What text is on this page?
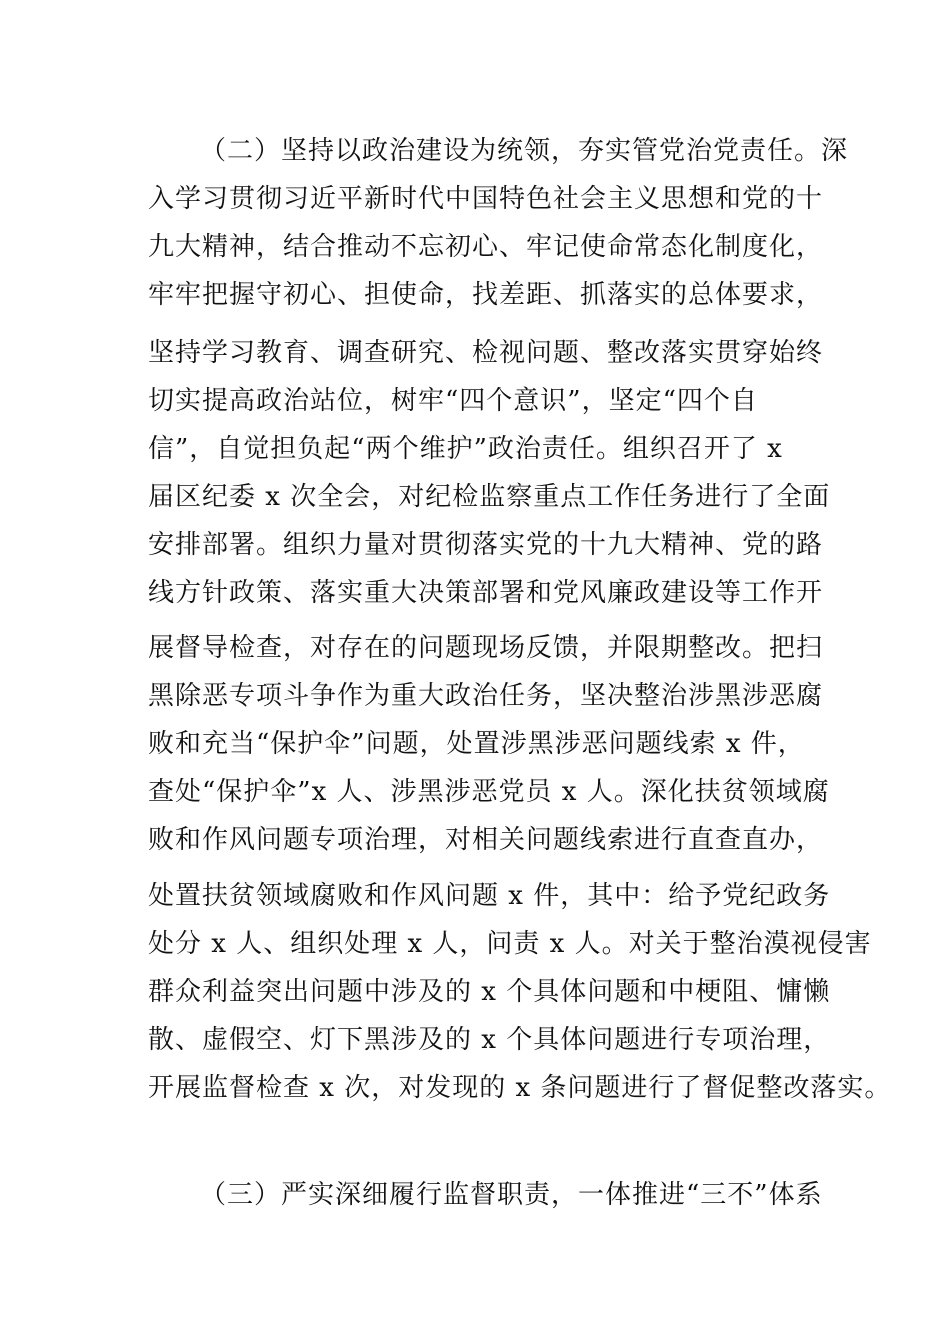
（二）坚持以政治建设为统领，夯实管党治党责任。深

入学习贯彻习近平新时代中国特色社会主义思想和党的十

九大精神，结合推动不忘初心、牢记使命常态化制度化，

牢牢把握守初心、担使命，找差距、抓落实的总体要求，

坚持学习教育、调查研究、检视问题、整改落实贯穿始终

切实提高政治站位，树牢“四个意识”，坚定“四个自

信”，自觉担负起“两个维护”政治责任。组织召开了 x

届区纪委 x 次全会，对纪检监察重点工作任务进行了全面

安排部署。组织力量对贯彻落实党的十九大精神、党的路

线方针政策、落实重大决策部署和党风廉政建设等工作开

展督导检查，对存在的问题现场反馈，并限期整改。把扫

黑除恶专项斗争作为重大政治任务，坚决整治涉黑涉恶腐

败和充当“保护伞”问题，处置涉黑涉恶问题线索 x 件，

查处“保护伞”x 人、涉黑涉恶党员 x 人。深化扶贫领域腐

败和作风问题专项治理，对相关问题线索进行直查直办，

处置扶贫领域腐败和作风问题 x 件，其中：给予党纪政务

处分 x 人、组织处理 x 人，问责 x 人。对关于整治漠视侵害

群众利益突出问题中涉及的 x 个具体问题和中梗阻、慵懒

散、虚假空、灯下黑涉及的 x 个具体问题进行专项治理，

开展监督检查 x 次，对发现的 x 条问题进行了督促整改落实。

（三）严实深细履行监督职责，一体推进“三不”体系
